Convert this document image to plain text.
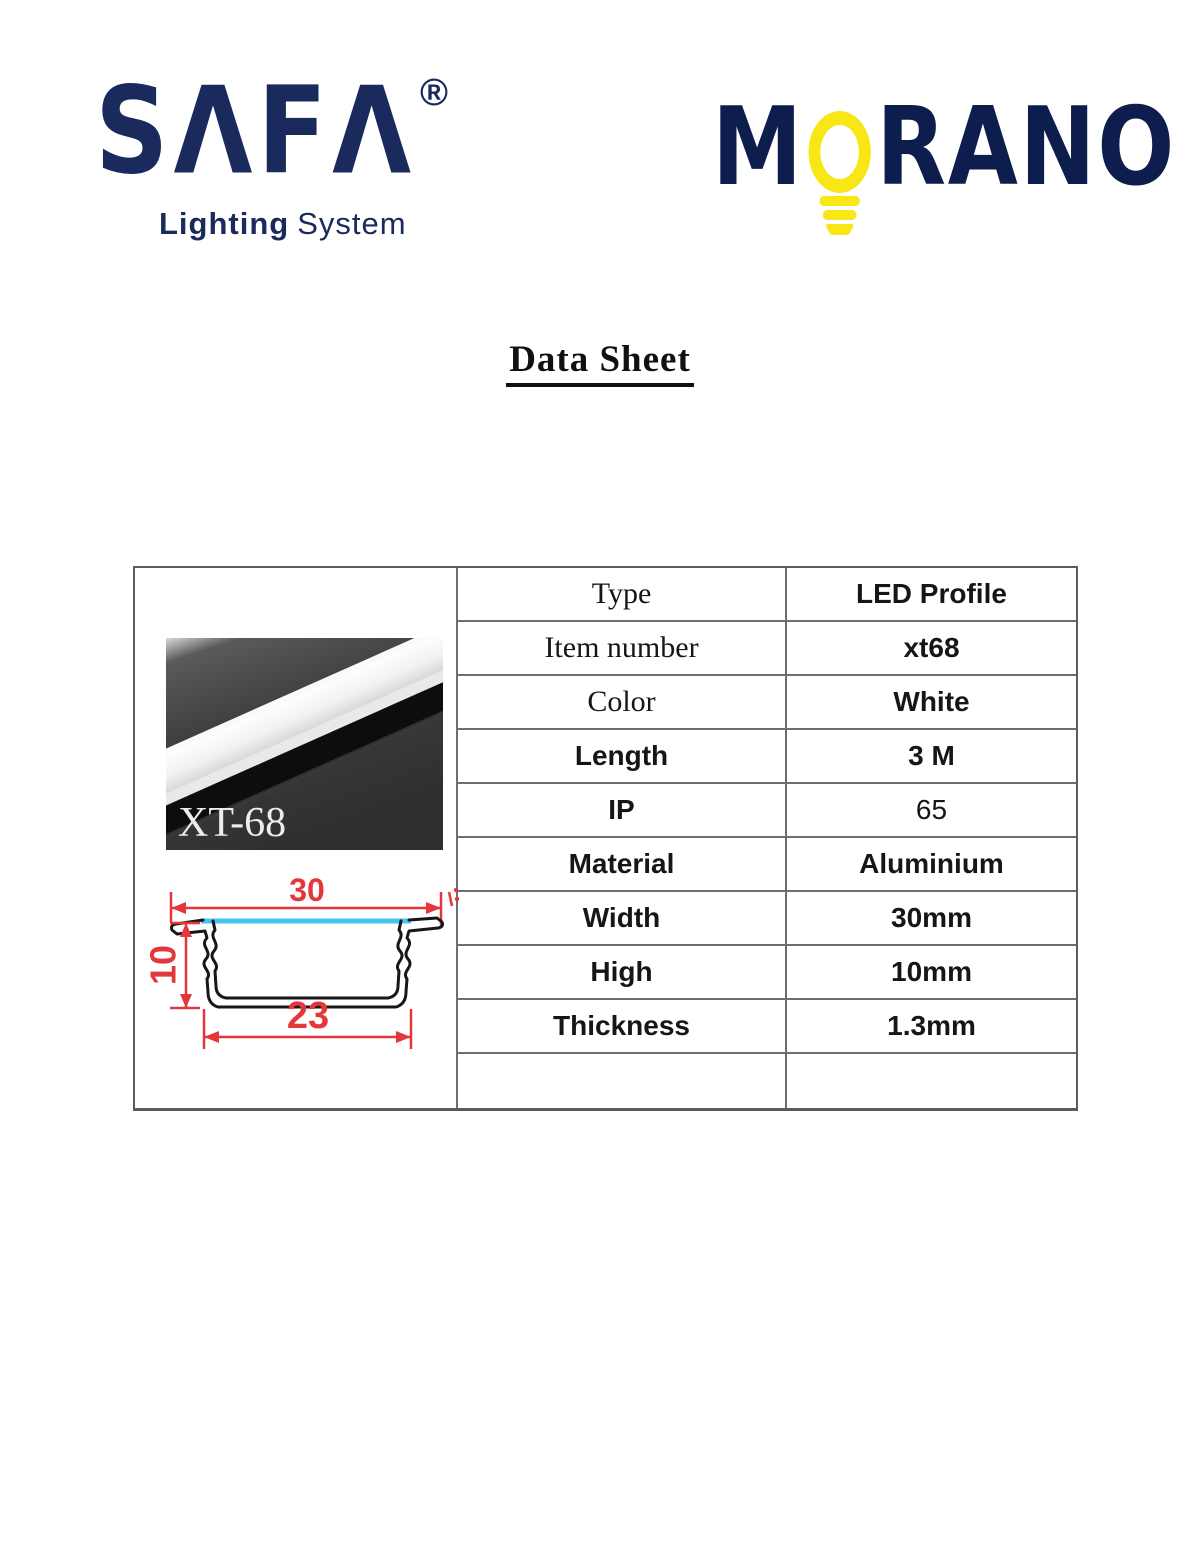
SΛFΛ ®
Lighting System
M RANO
Data Sheet
XT-68
30
10
23
Type	LED Profile
Item number	xt68
Color	White
Length	3 M
IP	65
Material	Aluminium
Width	30mm
High	10mm
Thickness	1.3mm
